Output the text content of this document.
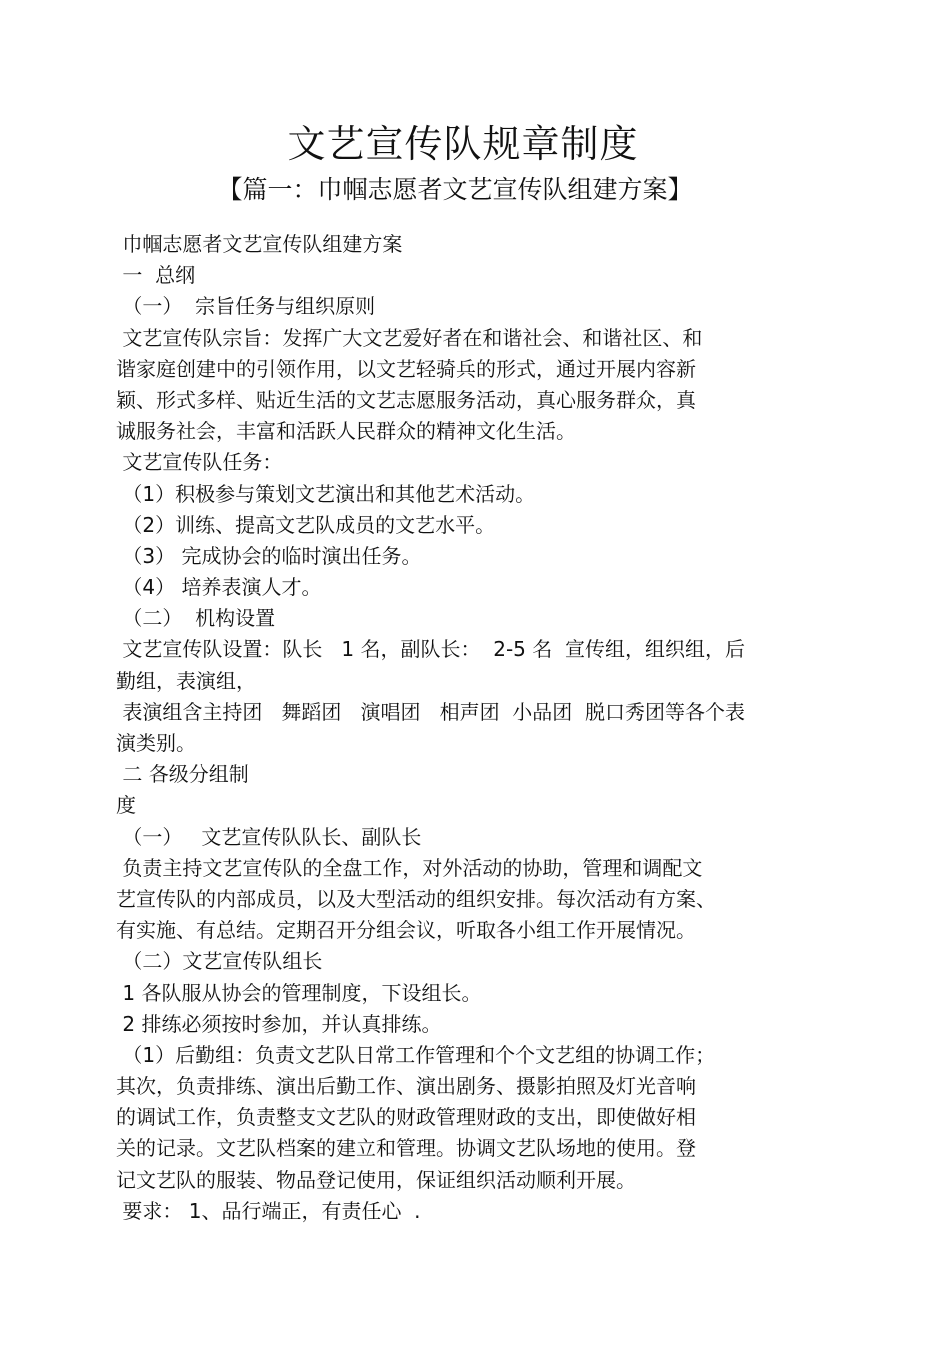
文艺宣传队规章制度
【篇一：巾帼志愿者文艺宣传队组建方案】
巾帼志愿者文艺宣传队组建方案
一  总纲
（一）  宗旨任务与组织原则
文艺宣传队宗旨：发挥广大文艺爱好者在和谐社会、和谐社区、和
谐家庭创建中的引领作用，以文艺轻骑兵的形式，通过开展内容新
颖、形式多样、贴近生活的文艺志愿服务活动，真心服务群众，真
诚服务社会，丰富和活跃人民群众的精神文化生活。
文艺宣传队任务：
（1）积极参与策划文艺演出和其他艺术活动。
（2）训练、提高文艺队成员的文艺水平。
（3） 完成协会的临时演出任务。
（4） 培养表演人才。
（二）  机构设置
文艺宣传队设置：队长   1 名，副队长：  2-5 名  宣传组，组织组，后
勤组，表演组，
表演组含主持团   舞蹈团   演唱团   相声团  小品团  脱口秀团等各个表
演类别。
二 各级分组制
度
（一）   文艺宣传队队长、副队长
负责主持文艺宣传队的全盘工作，对外活动的协助，管理和调配文
艺宣传队的内部成员，以及大型活动的组织安排。每次活动有方案、
有实施、有总结。定期召开分组会议，听取各小组工作开展情况。
（二）文艺宣传队组长
1 各队服从协会的管理制度，下设组长。
2 排练必须按时参加，并认真排练。
（1）后勤组：负责文艺队日常工作管理和个个文艺组的协调工作；
其次，负责排练、演出后勤工作、演出剧务、摄影拍照及灯光音响
的调试工作，负责整支文艺队的财政管理财政的支出，即使做好相
关的记录。文艺队档案的建立和管理。协调文艺队场地的使用。登
记文艺队的服装、物品登记使用，保证组织活动顺利开展。
要求： 1、品行端正，有责任心  .
